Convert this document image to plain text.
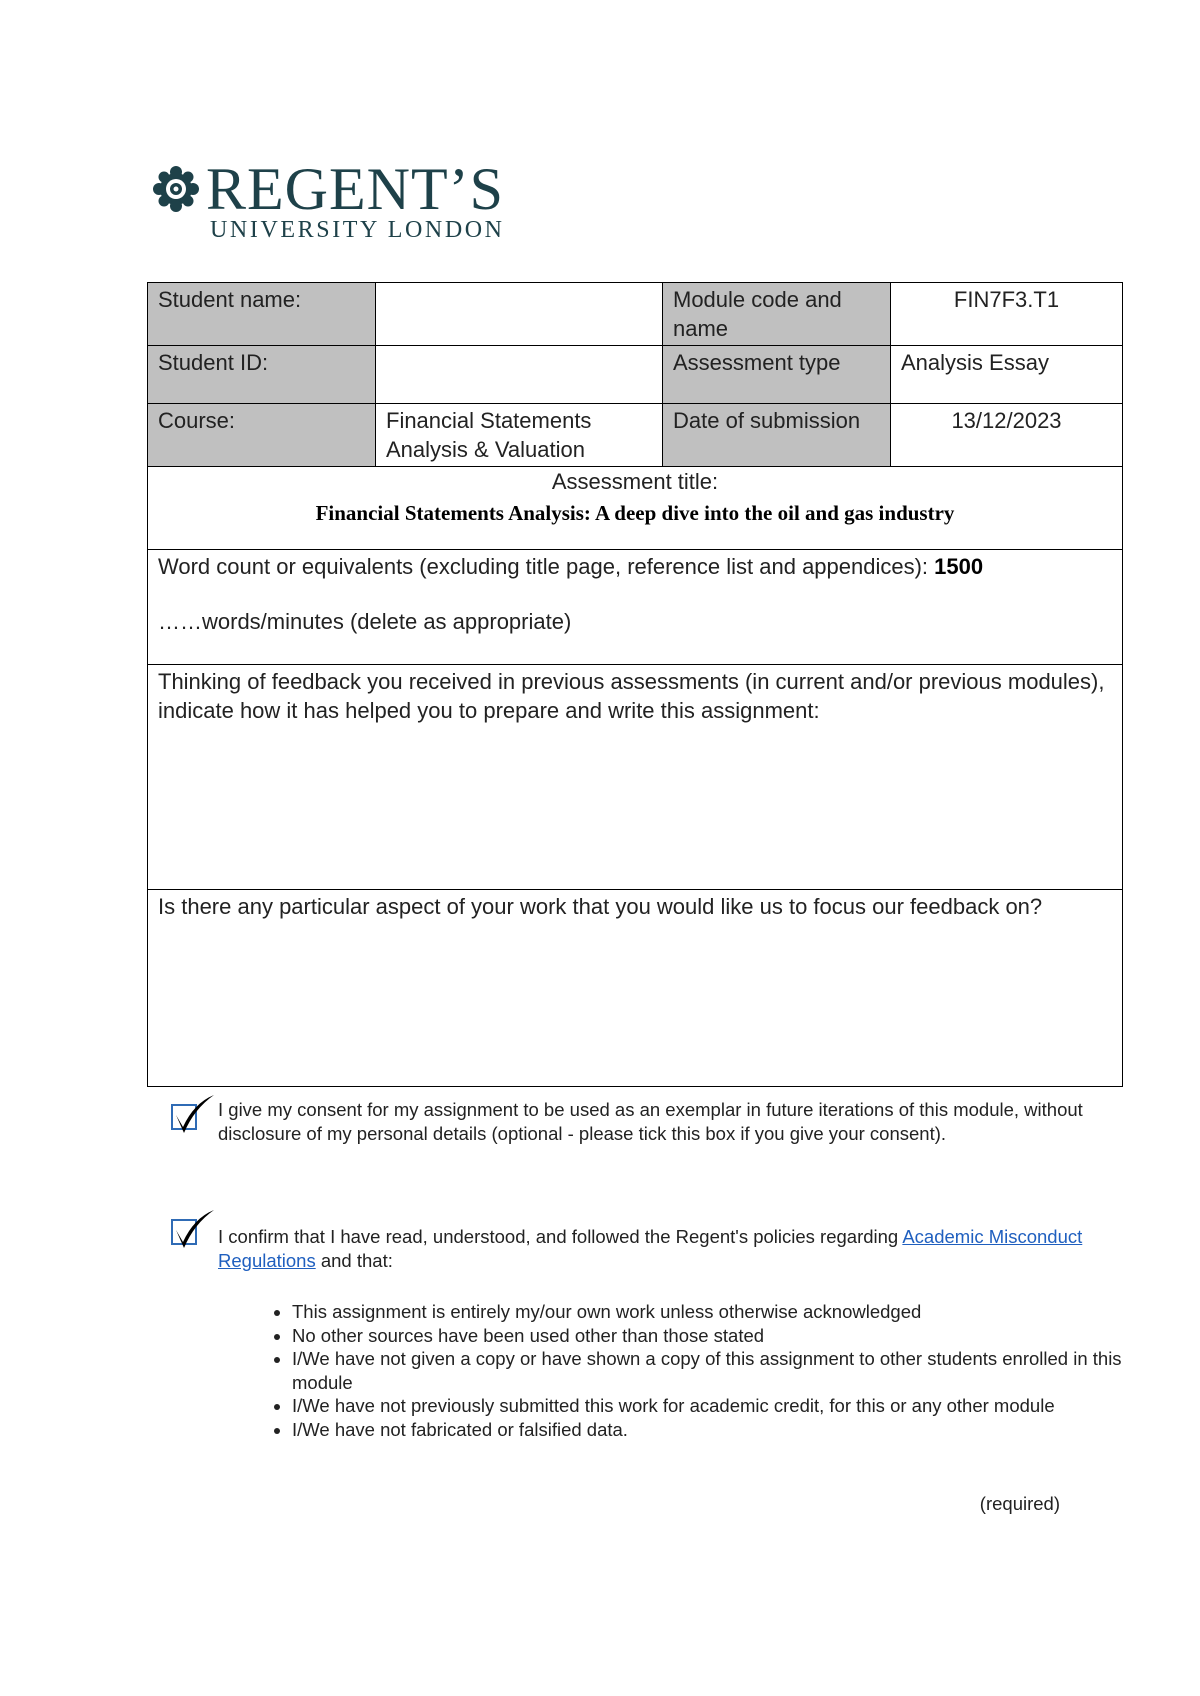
REGENT’S
UNIVERSITY LONDON
Student name:		Module code and name	FIN7F3.T1
Student ID:		Assessment type	Analysis Essay
Course:	Financial Statements Analysis & Valuation	Date of submission	13/12/2023

Assessment title:
Financial Statements Analysis: A deep dive into the oil and gas industry			

Word count or equivalents (excluding title page, reference list and appendices): 1500
……words/minutes (delete as appropriate)			

Thinking of feedback you received in previous assessments (in current and/or previous modules), indicate how it has helped you to prepare and write this assignment:			
Is there any particular aspect of your work that you would like us to focus our feedback on?			
I give my consent for my assignment to be used as an exemplar in future iterations of this module, without disclosure of my personal details (optional - please tick this box if you give your consent).
I confirm that I have read, understood, and followed the Regent's policies regarding Academic Misconduct Regulations and that:
• This assignment is entirely my/our own work unless otherwise acknowledged
• No other sources have been used other than those stated
• I/We have not given a copy or have shown a copy of this assignment to other students enrolled in this module
• I/We have not previously submitted this work for academic credit, for this or any other module
• I/We have not fabricated or falsified data.
(required)
